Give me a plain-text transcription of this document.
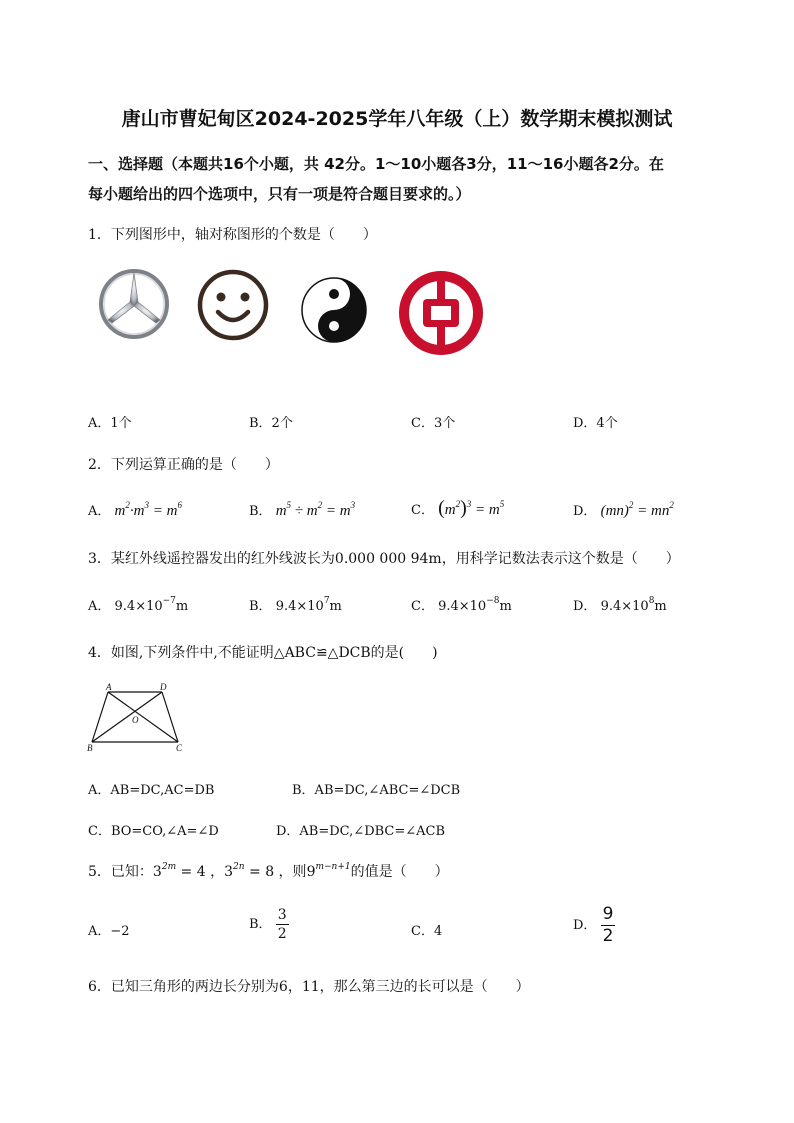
唐山市曹妃甸区2024-2025学年八年级（上）数学期末模拟测试
一、选择题（本题共16个小题，共 42分。1～10小题各3分，11～16小题各2分。在
每小题给出的四个选项中，只有一项是符合题目要求的。）
1．下列图形中，轴对称图形的个数是（　　）
A．1个	B．2个	C．3个	D．4个
2．下列运算正确的是（　　）
A． $m^2\cdot m^3 = m^6$	B． $m^5 \div m^2 = m^3$	C． $(m^2)^3 = m^5$	D． $(mn)^2 = mn^2$
3．某红外线遥控器发出的红外线波长为0.000 000 94m，用科学记数法表示这个数是（　　）
A． $9.4\times 10^{-7}m$	B． $9.4\times 10^7m$	C． $9.4\times 10^{-8}m$	D． $9.4\times 10^8m$
4．如图,下列条件中,不能证明△ABC≌△DCB的是(　　)
A	D
O
B	C
A．AB=DC,AC=DB	B．AB=DC,∠ABC=∠DCB
C．BO=CO,∠A=∠D	D．AB=DC,∠DBC=∠ACB
5．已知：$3^{2m} = 4$ ，$3^{2n} = 8$ ，则$9^{m-n+1}$的值是（　　）
A．−2	B． $\frac{3}{2}$	C．4	D． $\frac{9}{2}$
6．已知三角形的两边长分别为6，11，那么第三边的长可以是（　　）
